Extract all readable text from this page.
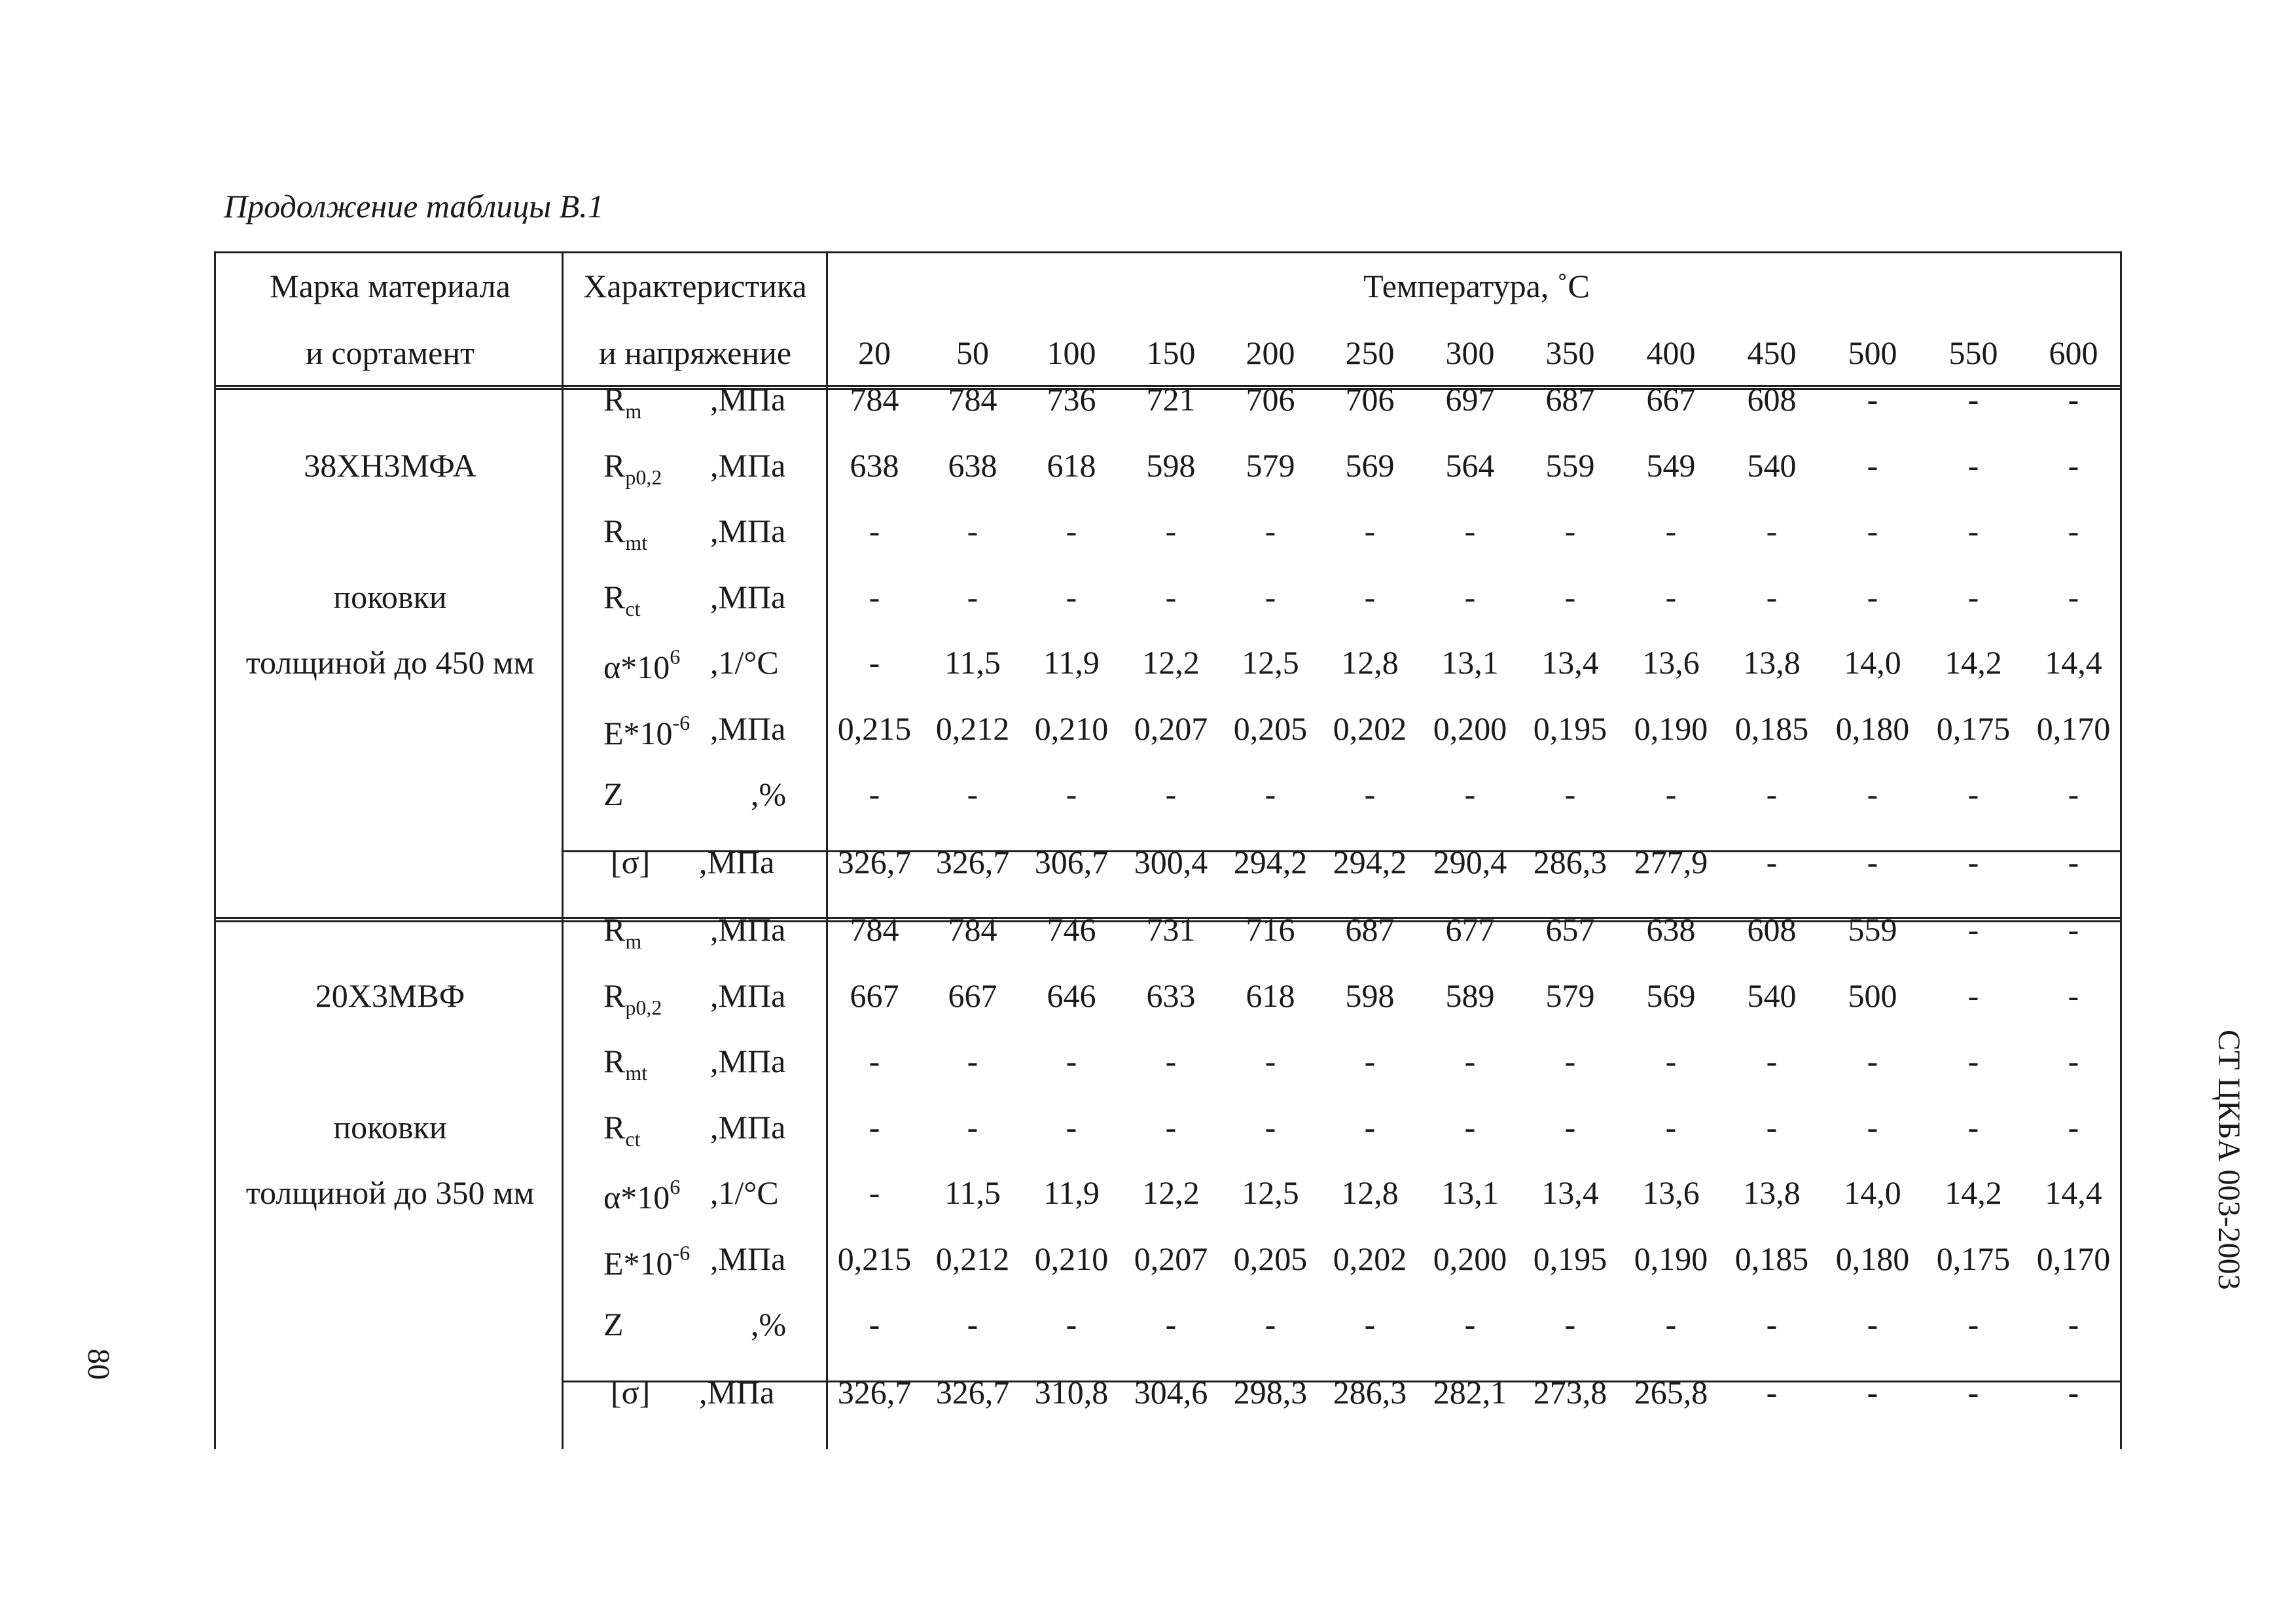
Продолжение таблицы В.1
СТ ЦКБА 003-2003
80
Марка материала
и сортамент
Характеристика
и напряжение
Температура, ˚С
20 50 100 150 200 250 300 350 400 450 500 550 600
38ХН3МФА
поковки
толщиной до 450 мм
$R_m$ ,МПа 784 784 736 721 706 706 697 687 667 608 -	-	-
$R_{p0,2}$ ,МПа 638 638 618 598 579 569 564 559 549 540 -	-	-
$R_{mt}$ ,МПа	-	-	-	-	-	-	-	-	-	-	-	-	-
$R_{ct}$ ,МПа	-	-	-	-	-	-	-	-	-	-	-	-	-
$\alpha*10^6$ ,1/°С	- 11,5 11,9 12,2 12,5 12,8 13,1 13,4 13,6 13,8 14,0 14,2 14,4
$E*10^{-6}$ ,МПа 0,215 0,212 0,210 0,207 0,205 0,202 0,200 0,195 0,190 0,185 0,180 0,175 0,170
Z	,%	-	-	-	-	-	-	-	-	-	-	-	-	-
[σ] ,МПа 326,7 326,7 306,7 300,4 294,2 294,2 290,4 286,3 277,9 -	-	-	-
20Х3МВФ
поковки
толщиной до 350 мм
$R_m$ ,МПа 784 784 746 731 716 687 677 657 638 608 559 -	-
$R_{p0,2}$ ,МПа 667 667 646 633 618 598 589 579 569 540 500 -	-
$R_{mt}$ ,МПа	-	-	-	-	-	-	-	-	-	-	-	-	-
$R_{ct}$ ,МПа	-	-	-	-	-	-	-	-	-	-	-	-	-
$\alpha*10^6$ ,1/°С	- 11,5 11,9 12,2 12,5 12,8 13,1 13,4 13,6 13,8 14,0 14,2 14,4
$E*10^{-6}$ ,МПа 0,215 0,212 0,210 0,207 0,205 0,202 0,200 0,195 0,190 0,185 0,180 0,175 0,170
Z	,%	-	-	-	-	-	-	-	-	-	-	-	-	-
[σ] ,МПа 326,7 326,7 310,8 304,6 298,3 286,3 282,1 273,8 265,8 -	-	-	-
